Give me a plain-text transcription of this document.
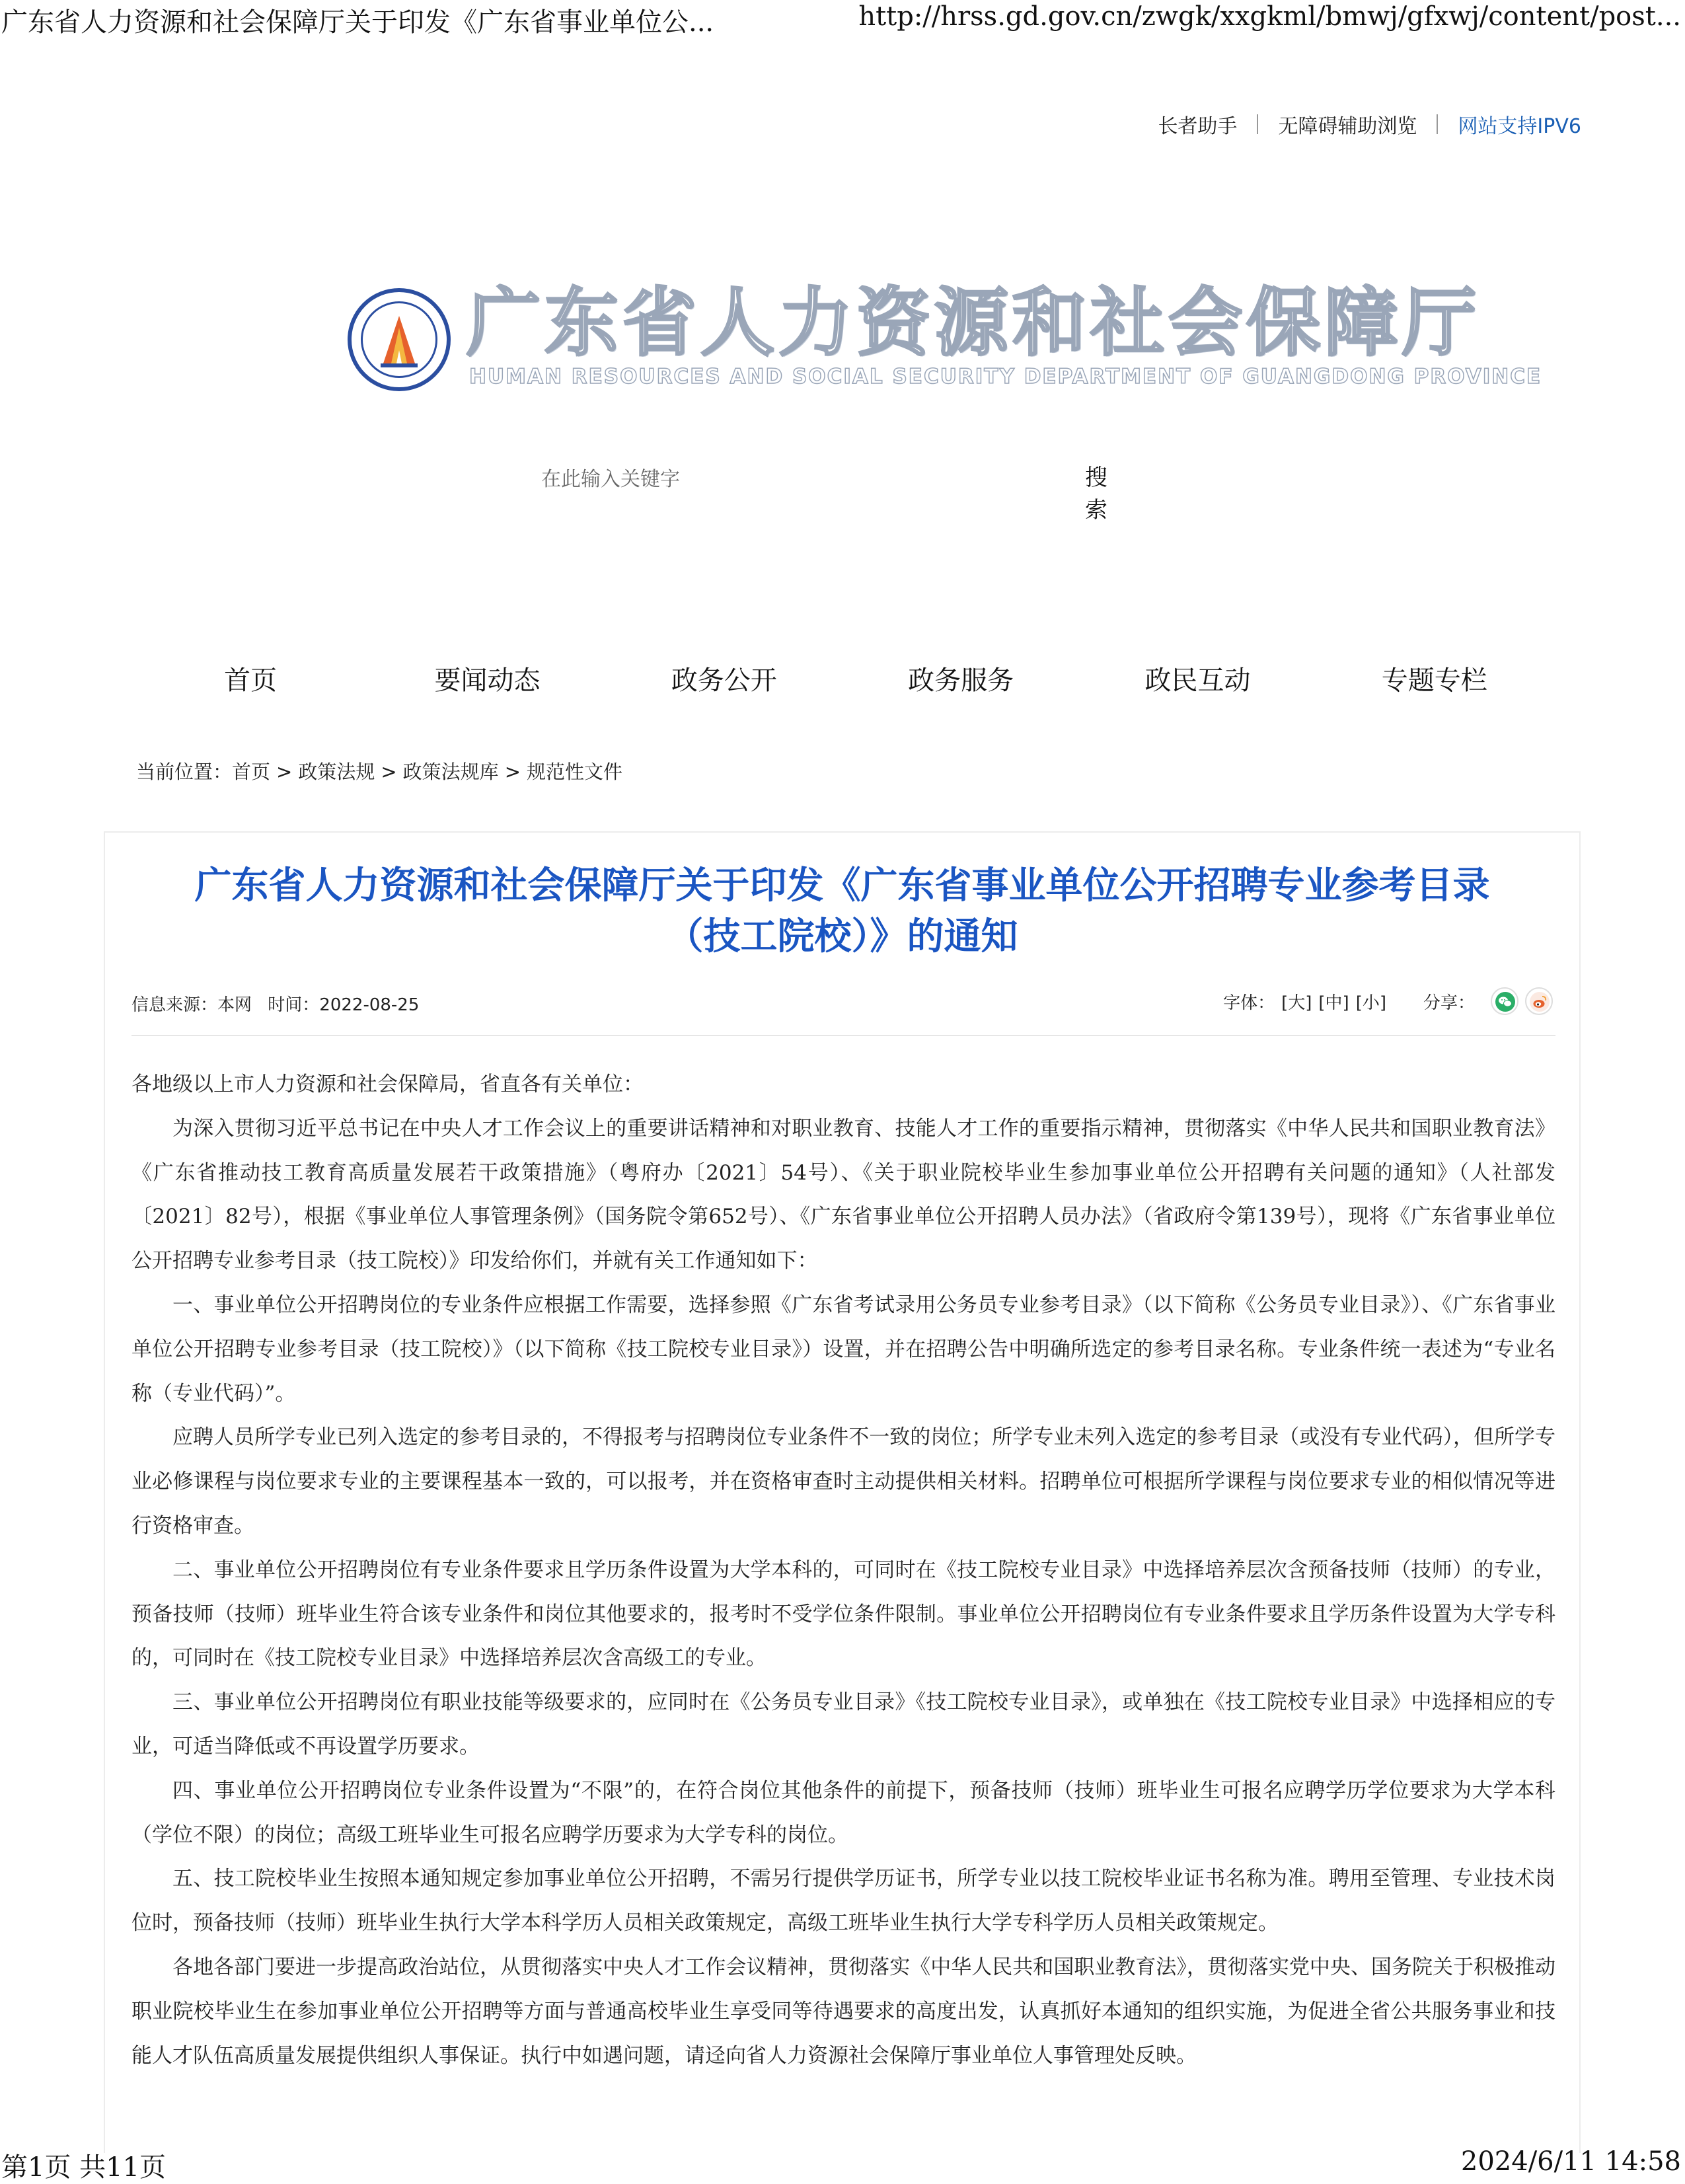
广东省人力资源和社会保障厅关于印发《广东省事业单位公...	http://hrss.gd.gov.cn/zwgk/xxgkml/bmwj/gfxwj/content/post...
长者助手 无障碍辅助浏览 网站支持IPV6
广东省人力资源和社会保障厅
HUMAN RESOURCES AND SOCIAL SECURITY DEPARTMENT OF GUANGDONG PROVINCE
在此输入关键字
搜索
首页	要闻动态	政务公开	政务服务	政民互动	专题专栏
当前位置：首页 > 政策法规 > 政策法规库 > 规范性文件
广东省人力资源和社会保障厅关于印发《广东省事业单位公开招聘专业参考目录
（技工院校）》的通知
信息来源：本网 时间：2022-08-25	字体： [大] [中] [小] 分享：

各地级以上市人力资源和社会保障局，省直各有关单位：

为深入贯彻习近平总书记在中央人才工作会议上的重要讲话精神和对职业教育、技能人才工作的重要指示精神，贯彻落实《中华人民共和国职业教育法》《广东省推动技工教育高质量发展若干政策措施》（粤府办〔2021〕54号）、《关于职业院校毕业生参加事业单位公开招聘有关问题的通知》（人社部发〔2021〕82号），根据《事业单位人事管理条例》（国务院令第652号）、《广东省事业单位公开招聘人员办法》（省政府令第139号），现将《广东省事业单位公开招聘专业参考目录（技工院校）》印发给你们，并就有关工作通知如下：

一、事业单位公开招聘岗位的专业条件应根据工作需要，选择参照《广东省考试录用公务员专业参考目录》（以下简称《公务员专业目录》）、《广东省事业单位公开招聘专业参考目录（技工院校）》（以下简称《技工院校专业目录》）设置，并在招聘公告中明确所选定的参考目录名称。专业条件统一表述为“专业名称（专业代码）”。

应聘人员所学专业已列入选定的参考目录的，不得报考与招聘岗位专业条件不一致的岗位；所学专业未列入选定的参考目录（或没有专业代码），但所学专业必修课程与岗位要求专业的主要课程基本一致的，可以报考，并在资格审查时主动提供相关材料。招聘单位可根据所学课程与岗位要求专业的相似情况等进行资格审查。

二、事业单位公开招聘岗位有专业条件要求且学历条件设置为大学本科的，可同时在《技工院校专业目录》中选择培养层次含预备技师（技师）的专业，预备技师（技师）班毕业生符合该专业条件和岗位其他要求的，报考时不受学位条件限制。事业单位公开招聘岗位有专业条件要求且学历条件设置为大学专科的，可同时在《技工院校专业目录》中选择培养层次含高级工的专业。

三、事业单位公开招聘岗位有职业技能等级要求的，应同时在《公务员专业目录》《技工院校专业目录》，或单独在《技工院校专业目录》中选择相应的专业，可适当降低或不再设置学历要求。

四、事业单位公开招聘岗位专业条件设置为“不限”的，在符合岗位其他条件的前提下，预备技师（技师）班毕业生可报名应聘学历学位要求为大学本科（学位不限）的岗位；高级工班毕业生可报名应聘学历要求为大学专科的岗位。

五、技工院校毕业生按照本通知规定参加事业单位公开招聘，不需另行提供学历证书，所学专业以技工院校毕业证书名称为准。聘用至管理、专业技术岗位时，预备技师（技师）班毕业生执行大学本科学历人员相关政策规定，高级工班毕业生执行大学专科学历人员相关政策规定。

各地各部门要进一步提高政治站位，从贯彻落实中央人才工作会议精神，贯彻落实《中华人民共和国职业教育法》，贯彻落实党中央、国务院关于积极推动职业院校毕业生在参加事业单位公开招聘等方面与普通高校毕业生享受同等待遇要求的高度出发，认真抓好本通知的组织实施，为促进全省公共服务事业和技能人才队伍高质量发展提供组织人事保证。执行中如遇问题，请迳向省人力资源社会保障厅事业单位人事管理处反映。

第1页 共11页	2024/6/11 14:58
